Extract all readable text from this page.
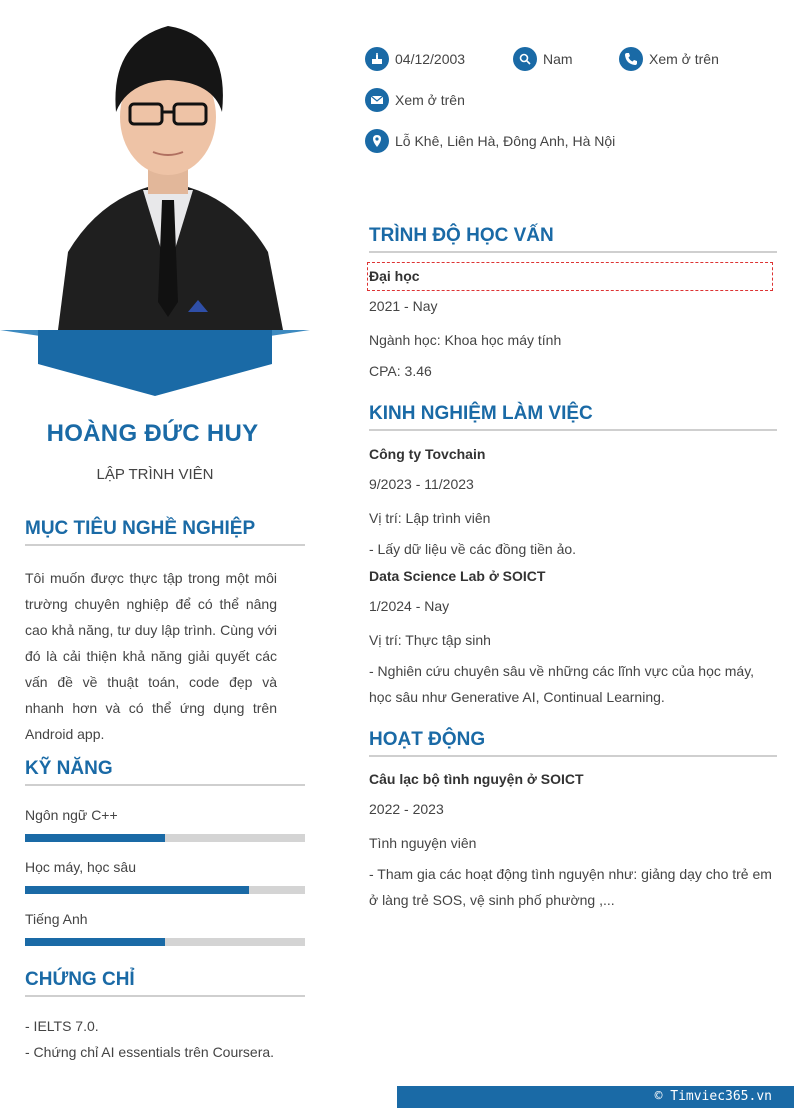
HOÀNG ĐỨC HUY
LẬP TRÌNH VIÊN
MỤC TIÊU NGHỀ NGHIỆP
Tôi muốn được thực tập trong một môi trường chuyên nghiệp để có thể nâng cao khả năng, tư duy lập trình. Cùng với đó là cải thiện khả năng giải quyết các vấn đề về thuật toán, code đẹp và nhanh hơn và có thể ứng dụng trên Android app.
KỸ NĂNG
Ngôn ngữ C++
Học máy, học sâu
Tiếng Anh
CHỨNG CHỈ
- IELTS 7.0.
- Chứng chỉ AI essentials trên Coursera.
04/12/2003	Nam	Xem ở trên
Xem ở trên
Lỗ Khê, Liên Hà, Đông Anh, Hà Nội
TRÌNH ĐỘ HỌC VẤN
Đại học
2021 - Nay
Ngành học: Khoa học máy tính
CPA: 3.46
KINH NGHIỆM LÀM VIỆC
Công ty Tovchain
9/2023 - 11/2023
Vị trí: Lập trình viên
- Lấy dữ liệu về các đồng tiền ảo.
Data Science Lab ở SOICT
1/2024 - Nay
Vị trí: Thực tập sinh
- Nghiên cứu chuyên sâu về những các lĩnh vực của học máy, học sâu như Generative AI, Continual Learning.
HOẠT ĐỘNG
Câu lạc bộ tình nguyện ở SOICT
2022 - 2023
Tình nguyện viên
- Tham gia các hoạt động tình nguyện như: giảng dạy cho trẻ em ở làng trẻ SOS, vệ sinh phố phường ,...
© Timviec365.vn
